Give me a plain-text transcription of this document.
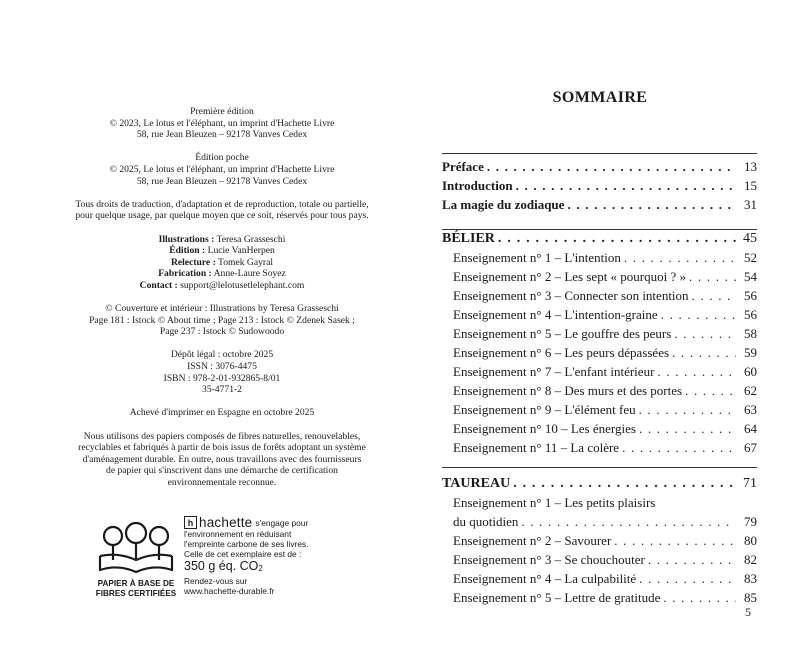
Première édition

© 2023, Le lotus et l'éléphant, un imprint d'Hachette Livre

58, rue Jean Bleuzen – 92178 Vanves Cedex

Édition poche

© 2025, Le lotus et l'éléphant, un imprint d'Hachette Livre

58, rue Jean Bleuzen – 92178 Vanves Cedex

Tous droits de traduction, d'adaptation et de reproduction, totale ou partielle,

pour quelque usage, par quelque moyen que ce soit, réservés pour tous pays.

Illustrations : Teresa Grasseschi

Édition : Lucie VanHerpen

Relecture : Tomek Gayral

Fabrication : Anne-Laure Soyez

Contact : support@lelotusetlelephant.com

© Couverture et intérieur : Illustrations by Teresa Grasseschi

Page 181 : Istock © About time ; Page 213 : Istock © Zdenek Sasek ;

Page 237 : Istock © Sudowoodo

Dépôt légal : octobre 2025

ISSN : 3076-4475

ISBN : 978-2-01-932865-8/01

35-4771-2

Achevé d'imprimer en Espagne en octobre 2025

Nous utilisons des papiers composés de fibres naturelles, renouvelables,

recyclables et fabriqués à partir de bois issus de forêts adoptant un système

d'aménagement durable. En outre, nous travaillons avec des fournisseurs

de papier qui s'inscrivent dans une démarche de certification

environnementale reconnue.

PAPIER À BASE DE
FIBRES CERTIFIÉES
h hachette s'engage pour
l'environnement en réduisant
l'empreinte carbone de ses livres.
Celle de cet exemplaire est de :
350 g éq. $CO_2$
Rendez-vous sur
www.hachette-durable.fr
SOMMAIRE
Préface . . .	13
Introduction . . .	15
La magie du zodiaque . . .	31
BÉLIER . . .	45
Enseignement n° 1 – L'intention . . .	52
Enseignement n° 2 – Les sept « pourquoi ? » . . .	54
Enseignement n° 3 – Connecter son intention . . .	56
Enseignement n° 4 – L'intention-graine . . .	56
Enseignement n° 5 – Le gouffre des peurs . . .	58
Enseignement n° 6 – Les peurs dépassées . . .	59
Enseignement n° 7 – L'enfant intérieur . . .	60
Enseignement n° 8 – Des murs et des portes . . .	62
Enseignement n° 9 – L'élément feu . . .	63
Enseignement n° 10 – Les énergies . . .	64
Enseignement n° 11 – La colère . . .	67
TAUREAU . . .	71
Enseignement n° 1 – Les petits plaisirs
du quotidien . . .	79
Enseignement n° 2 – Savourer . . .	80
Enseignement n° 3 – Se chouchouter . . .	82
Enseignement n° 4 – La culpabilité . . .	83
Enseignement n° 5 – Lettre de gratitude . . .	85
5
